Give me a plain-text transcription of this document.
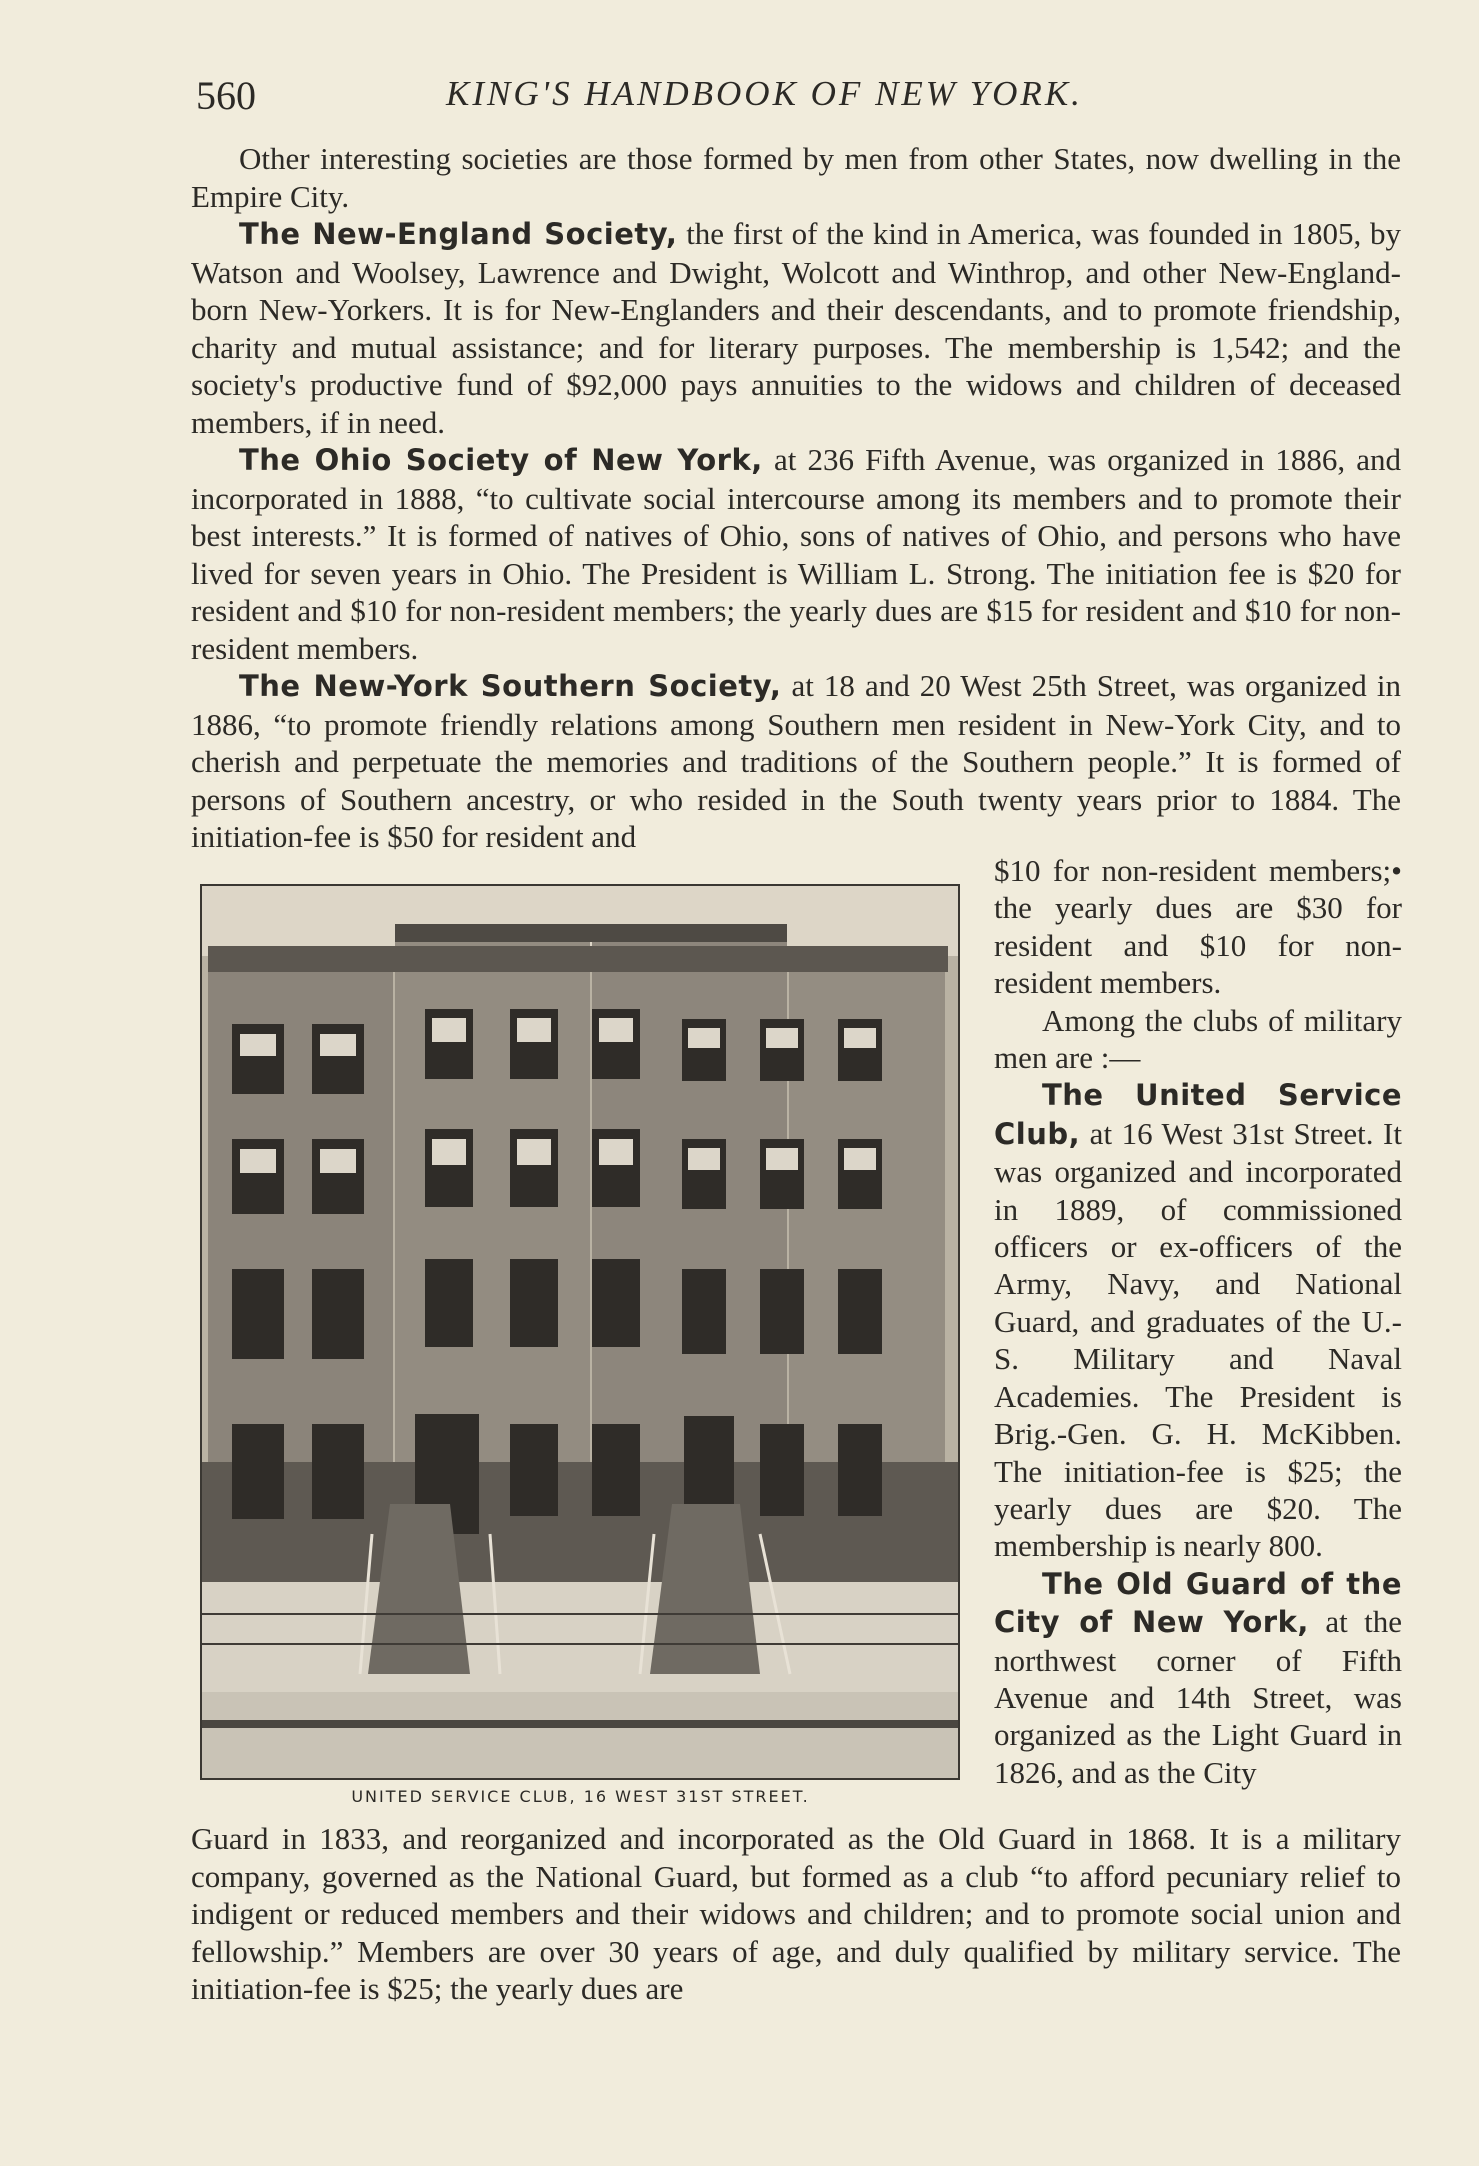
560	KING'S HANDBOOK OF NEW YORK.

Other interesting societies are those formed by men from other States, now dwelling in the Empire City.

The New-England Society, the first of the kind in America, was founded in 1805, by Watson and Woolsey, Lawrence and Dwight, Wolcott and Winthrop, and other New-England-born New-Yorkers. It is for New-Englanders and their descendants, and to promote friendship, charity and mutual assistance; and for literary purposes. The membership is 1,542; and the society's productive fund of $92,000 pays annuities to the widows and children of deceased members, if in need.

The Ohio Society of New York, at 236 Fifth Avenue, was organized in 1886, and incorporated in 1888, “to cultivate social intercourse among its members and to promote their best interests.” It is formed of natives of Ohio, sons of natives of Ohio, and persons who have lived for seven years in Ohio. The President is William L. Strong. The initiation fee is $20 for resident and $10 for non-resident members; the yearly dues are $15 for resident and $10 for non-resident members.

The New-York Southern Society, at 18 and 20 West 25th Street, was organized in 1886, “to promote friendly relations among Southern men resident in New-York City, and to cherish and perpetuate the memories and traditions of the Southern people.” It is formed of persons of Southern ancestry, or who resided in the South twenty years prior to 1884. The initiation-fee is $50 for resident and

$10 for non-resident members;• the yearly dues are $30 for resident and $10 for non-resident members.

Among the clubs of military men are :—

The United Service Club, at 16 West 31st Street. It was organized and incorporated in 1889, of commissioned officers or ex-officers of the Army, Navy, and National Guard, and graduates of the U.-S. Military and Naval Academies. The President is Brig.-Gen. G. H. McKibben. The initiation-fee is $25; the yearly dues are $20. The membership is nearly 800.

The Old Guard of the City of New York, at the northwest corner of Fifth Avenue and 14th Street, was organized as the Light Guard in 1826, and as the City

UNITED SERVICE CLUB, 16 WEST 31ST STREET.

Guard in 1833, and reorganized and incorporated as the Old Guard in 1868. It is a military company, governed as the National Guard, but formed as a club “to afford pecuniary relief to indigent or reduced members and their widows and children; and to promote social union and fellowship.” Members are over 30 years of age, and duly qualified by military service. The initiation-fee is $25; the yearly dues are
